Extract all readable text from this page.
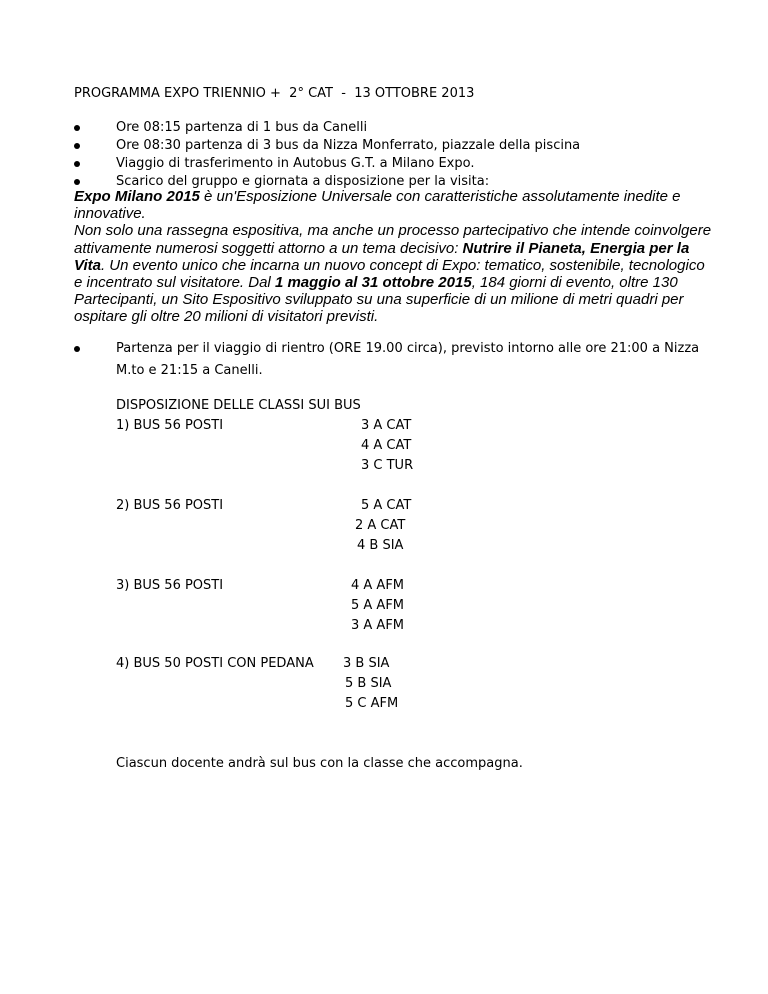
PROGRAMMA EXPO TRIENNIO +  2° CAT  -  13 OTTOBRE 2013
Ore 08:15 partenza di 1 bus da Canelli
Ore 08:30 partenza di 3 bus da Nizza Monferrato, piazzale della piscina
Viaggio di trasferimento in Autobus G.T. a Milano Expo.
Scarico del gruppo e giornata a disposizione per la visita:
Expo Milano 2015 è un'Esposizione Universale con caratteristiche assolutamente inedite e innovative.
Non solo una rassegna espositiva, ma anche un processo partecipativo che intende coinvolgere attivamente numerosi soggetti attorno a un tema decisivo: Nutrire il Pianeta, Energia per la Vita. Un evento unico che incarna un nuovo concept di Expo: tematico, sostenibile, tecnologico e incentrato sul visitatore. Dal 1 maggio al 31 ottobre 2015, 184 giorni di evento, oltre 130 Partecipanti, un Sito Espositivo sviluppato su una superficie di un milione di metri quadri per ospitare gli oltre 20 milioni di visitatori previsti.
Partenza per il viaggio di rientro (ORE 19.00 circa), previsto intorno alle ore 21:00 a Nizza M.to e 21:15 a Canelli.
DISPOSIZIONE DELLE CLASSI SUI BUS
1) BUS 56 POSTI	3 A CAT
4 A CAT
3 C TUR
2) BUS 56 POSTI	5 A CAT
2 A CAT
4 B SIA
3) BUS 56 POSTI	4 A AFM
5 A AFM
3 A AFM
4) BUS 50 POSTI CON PEDANA 3 B SIA
5 B SIA
5 C AFM
Ciascun docente andrà sul bus con la classe che accompagna.
